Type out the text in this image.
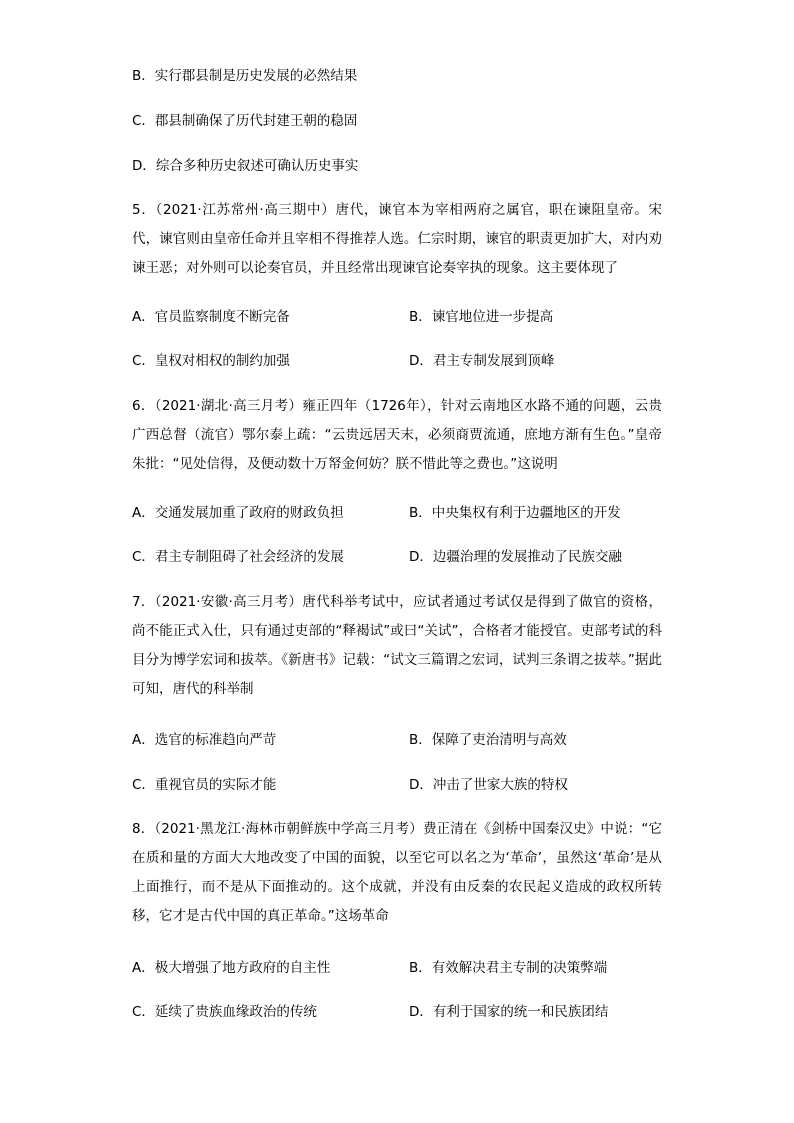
B．实行郡县制是历史发展的必然结果
C．郡县制确保了历代封建王朝的稳固
D．综合多种历史叙述可确认历史事实
5．（2021·江苏常州·高三期中）唐代，谏官本为宰相两府之属官，职在谏阻皇帝。宋代，谏官则由皇帝任命并且宰相不得推荐人选。仁宗时期，谏官的职责更加扩大，对内劝谏王恶；对外则可以论奏官员，并且经常出现谏官论奏宰执的现象。这主要体现了
A．官员监察制度不断完备	B．谏官地位进一步提高
C．皇权对相权的制约加强	D．君主专制发展到顶峰
6．（2021·湖北·高三月考）雍正四年（1726年），针对云南地区水路不通的问题，云贵广西总督（流官）鄂尔泰上疏：“云贵远居天末，必须商贾流通，庶地方渐有生色。”皇帝朱批：“见处信得，及便动数十万帑金何妨？朕不惜此等之费也。”这说明
A．交通发展加重了政府的财政负担	B．中央集权有利于边疆地区的开发
C．君主专制阻碍了社会经济的发展	D．边疆治理的发展推动了民族交融
7．（2021·安徽·高三月考）唐代科举考试中，应试者通过考试仅是得到了做官的资格，尚不能正式入仕，只有通过吏部的“释褐试”或曰“关试”，合格者才能授官。吏部考试的科目分为博学宏词和拔萃。《新唐书》记载：“试文三篇谓之宏词，试判三条谓之拔萃。”据此可知，唐代的科举制
A．选官的标准趋向严苛	B．保障了吏治清明与高效
C．重视官员的实际才能	D．冲击了世家大族的特权
8．（2021·黑龙江·海林市朝鲜族中学高三月考）费正清在《剑桥中国秦汉史》中说：“它在质和量的方面大大地改变了中国的面貌，以至它可以名之为‘革命’，虽然这‘革命’是从上面推行，而不是从下面推动的。这个成就，并没有由反秦的农民起义造成的政权所转移，它才是古代中国的真正革命。”这场革命
A．极大增强了地方政府的自主性	B．有效解决君主专制的决策弊端
C．延续了贵族血缘政治的传统	D．有利于国家的统一和民族团结
